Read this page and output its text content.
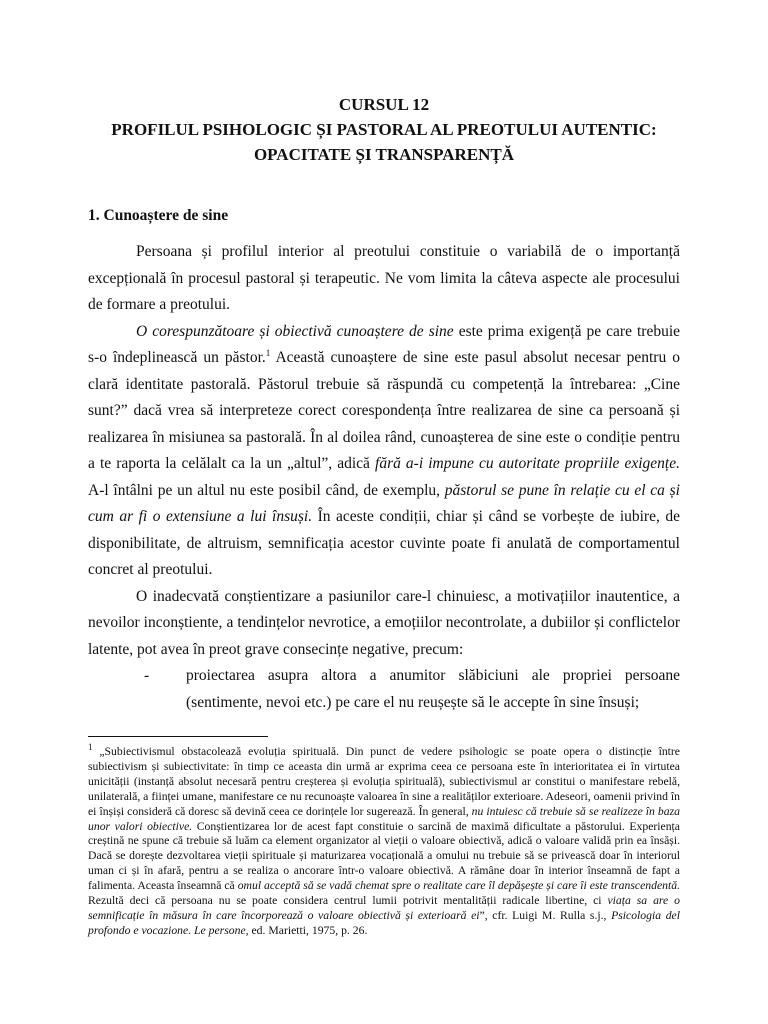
CURSUL 12

PROFILUL PSIHOLOGIC ȘI PASTORAL AL PREOTULUI AUTENTIC:

OPACITATE ȘI TRANSPARENȚĂ

1. Cunoaștere de sine

Persoana și profilul interior al preotului constituie o variabilă de o importanță excepțională în procesul pastoral și terapeutic. Ne vom limita la câteva aspecte ale procesului de formare a preotului.

O corespunzătoare și obiectivă cunoaștere de sine este prima exigență pe care trebuie s-o îndeplinească un păstor.$^1$ Această cunoaștere de sine este pasul absolut necesar pentru o clară identitate pastorală. Păstorul trebuie să răspundă cu competență la întrebarea: „Cine sunt?” dacă vrea să interpreteze corect corespondența între realizarea de sine ca persoană și realizarea în misiunea sa pastorală. În al doilea rând, cunoașterea de sine este o condiție pentru a te raporta la celălalt ca la un „altul”, adică fără a-i impune cu autoritate propriile exigențe. A-l întâlni pe un altul nu este posibil când, de exemplu, păstorul se pune în relație cu el ca și cum ar fi o extensiune a lui însuși. În aceste condiții, chiar și când se vorbește de iubire, de disponibilitate, de altruism, semnificația acestor cuvinte poate fi anulată de comportamentul concret al preotului.

O inadecvată conștientizare a pasiunilor care-l chinuiesc, a motivațiilor inautentice, a nevoilor inconștiente, a tendințelor nevrotice, a emoțiilor necontrolate, a dubiilor și conflictelor latente, pot avea în preot grave consecințe negative, precum:

- proiectarea asupra altora a anumitor slăbiciuni ale propriei persoane (sentimente, nevoi etc.) pe care el nu reușește să le accepte în sine însuși;

$^1$ „Subiectivismul obstacolează evoluția spirituală. Din punct de vedere psihologic se poate opera o distincție între subiectivism și subiectivitate: în timp ce aceasta din urmă ar exprima ceea ce persoana este în interioritatea ei în virtutea unicității (instanță absolut necesară pentru creșterea și evoluția spirituală), subiectivismul ar constitui o manifestare rebelă, unilaterală, a ființei umane, manifestare ce nu recunoaște valoarea în sine a realităților exterioare. Adeseori, oamenii privind în ei înșiși consideră că doresc să devină ceea ce dorințele lor sugerează. În general, nu intuiesc că trebuie să se realizeze în baza unor valori obiective. Conștientizarea lor de acest fapt constituie o sarcină de maximă dificultate a păstorului. Experiența creștină ne spune că trebuie să luăm ca element organizator al vieții o valoare obiectivă, adică o valoare validă prin ea însăși. Dacă se dorește dezvoltarea vieții spirituale și maturizarea vocațională a omului nu trebuie să se privească doar în interiorul uman ci și în afară, pentru a se realiza o ancorare într-o valoare obiectivă. A rămâne doar în interior înseamnă de fapt a falimenta. Aceasta înseamnă că omul acceptă să se vadă chemat spre o realitate care îl depășește și care îi este transcendentă. Rezultă deci că persoana nu se poate considera centrul lumii potrivit mentalității radicale libertine, ci viața sa are o semnificație în măsura în care încorporează o valoare obiectivă și exterioară ei”, cfr. Luigi M. Rulla s.j., Psicologia del profondo e vocazione. Le persone, ed. Marietti, 1975, p. 26.
